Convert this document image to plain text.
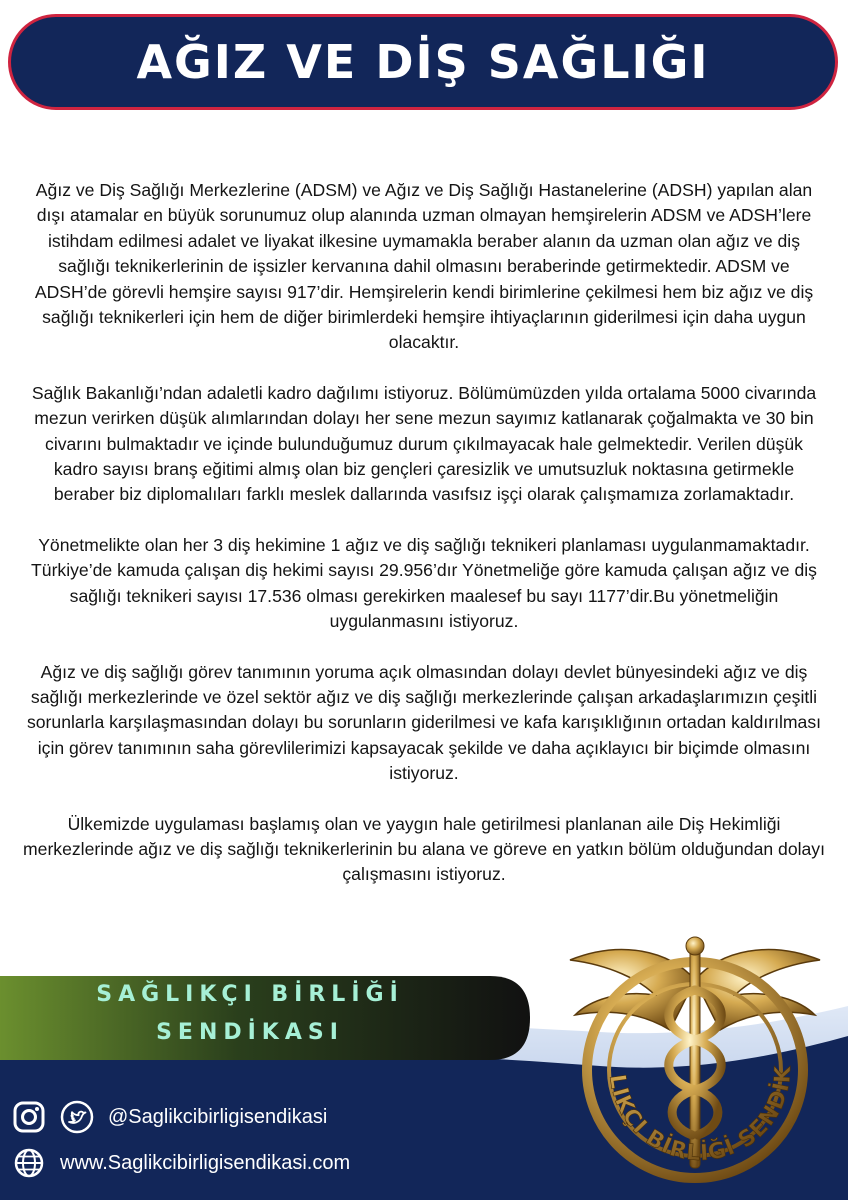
AĞIZ VE DİŞ SAĞLIĞI

Ağız ve Diş Sağlığı Merkezlerine (ADSM) ve Ağız ve Diş Sağlığı Hastanelerine (ADSH) yapılan alan dışı atamalar en büyük sorunumuz olup alanında uzman olmayan hemşirelerin ADSM ve ADSH’lere istihdam edilmesi adalet ve liyakat ilkesine uymamakla beraber alanın da uzman olan ağız ve diş sağlığı teknikerlerinin de işsizler kervanına dahil olmasını beraberinde getirmektedir. ADSM ve ADSH’de görevli hemşire sayısı 917’dir. Hemşirelerin kendi birimlerine çekilmesi hem biz ağız ve diş sağlığı teknikerleri için hem de diğer birimlerdeki hemşire ihtiyaçlarının giderilmesi için daha uygun olacaktır.

Sağlık Bakanlığı’ndan adaletli kadro dağılımı istiyoruz. Bölümümüzden yılda ortalama 5000 civarında mezun verirken düşük alımlarından dolayı her sene mezun sayımız katlanarak çoğalmakta ve 30 bin civarını bulmaktadır ve içinde bulunduğumuz durum çıkılmayacak hale gelmektedir. Verilen düşük kadro sayısı branş eğitimi almış olan biz gençleri çaresizlik ve umutsuzluk noktasına getirmekle beraber biz diplomalıları farklı meslek dallarında vasıfsız işçi olarak çalışmamıza zorlamaktadır.

Yönetmelikte olan her 3 diş hekimine 1 ağız ve diş sağlığı teknikeri planlaması uygulanmamaktadır. Türkiye’de kamuda çalışan diş hekimi sayısı 29.956’dır Yönetmeliğe göre kamuda çalışan ağız ve diş sağlığı teknikeri sayısı 17.536 olması gerekirken maalesef bu sayı 1177’dir.Bu yönetmeliğin uygulanmasını istiyoruz.

Ağız ve diş sağlığı görev tanımının yoruma açık olmasından dolayı devlet bünyesindeki ağız ve diş sağlığı merkezlerinde ve özel sektör ağız ve diş sağlığı merkezlerinde çalışan arkadaşlarımızın çeşitli sorunlarla karşılaşmasından dolayı bu sorunların giderilmesi ve kafa karışıklığının ortadan kaldırılması için görev tanımının saha görevlilerimizi kapsayacak şekilde ve daha açıklayıcı bir biçimde olmasını istiyoruz.

Ülkemizde uygulaması başlamış olan ve yaygın hale getirilmesi planlanan aile Diş Hekimliği merkezlerinde ağız ve diş sağlığı teknikerlerinin bu alana ve göreve en yatkın bölüm olduğundan dolayı çalışmasını istiyoruz.

SAĞLIKÇI BİRLİĞİ
SENDİKASI
@Saglikcibirligisendikasi
www.Saglikcibirligisendikasi.com
LIKÇI BİRLİĞİ SENDİK
